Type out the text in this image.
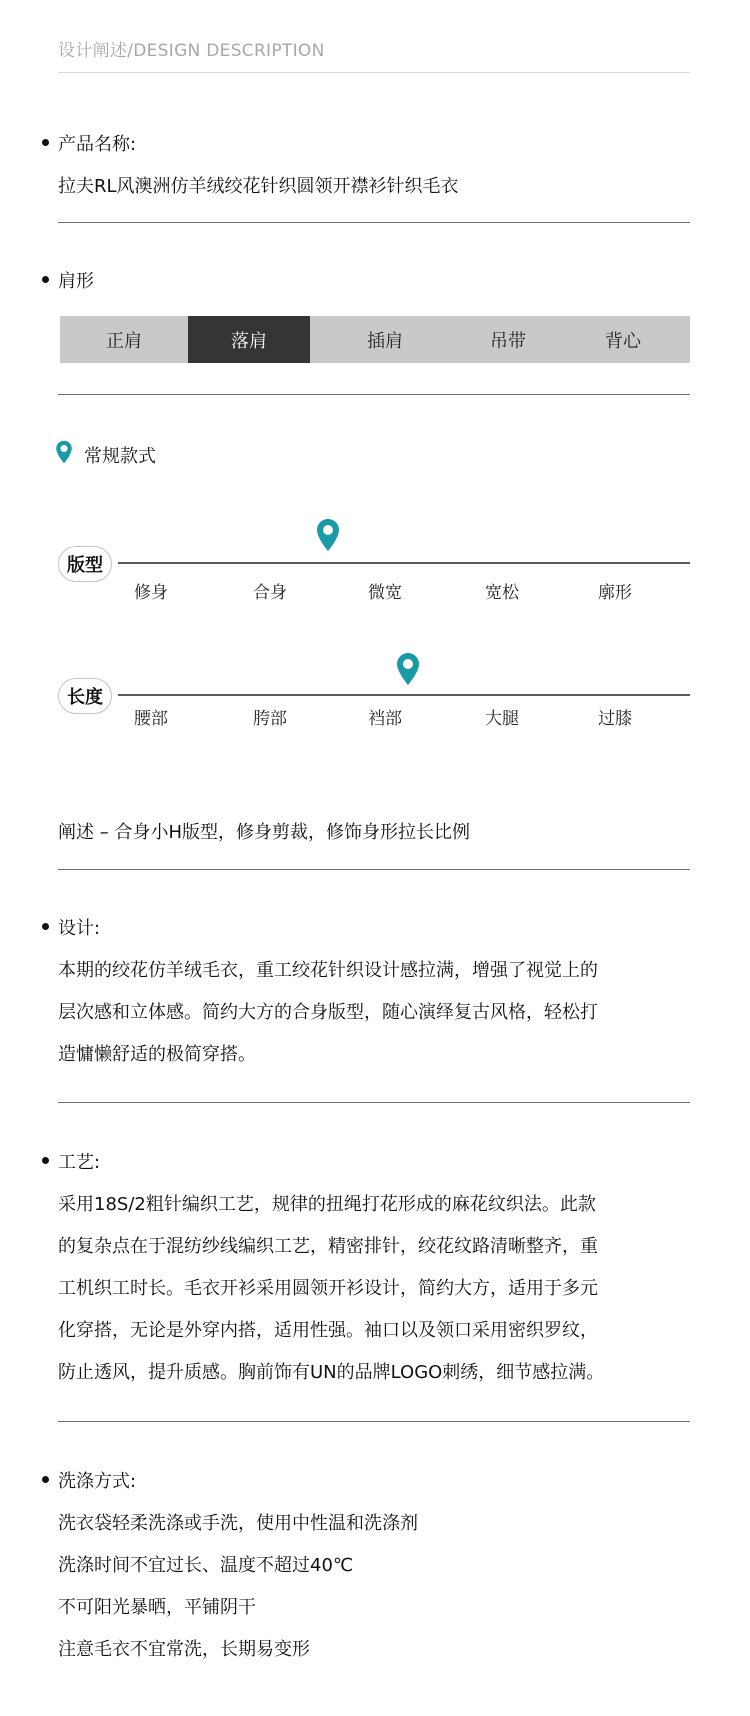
设计阐述/DESIGN DESCRIPTION
产品名称:
拉夫RL风澳洲仿羊绒绞花针织圆领开襟衫针织毛衣
肩形
正肩	落肩	插肩	吊带	背心
常规款式
版型
修身	合身	微宽	宽松	廓形
长度
腰部	胯部	裆部	大腿	过膝
阐述 – 合身小H版型，修身剪裁，修饰身形拉长比例
设计:
本期的绞花仿羊绒毛衣，重工绞花针织设计感拉满，增强了视觉上的
层次感和立体感。简约大方的合身版型，随心演绎复古风格，轻松打
造慵懒舒适的极简穿搭。
工艺:
采用18S/2粗针编织工艺，规律的扭绳打花形成的麻花纹织法。此款
的复杂点在于混纺纱线编织工艺，精密排针，绞花纹路清晰整齐，重
工机织工时长。毛衣开衫采用圆领开衫设计，简约大方，适用于多元
化穿搭，无论是外穿内搭，适用性强。袖口以及领口采用密织罗纹，
防止透风，提升质感。胸前饰有UN的品牌LOGO刺绣，细节感拉满。
洗涤方式:
洗衣袋轻柔洗涤或手洗，使用中性温和洗涤剂
洗涤时间不宜过长、温度不超过40℃
不可阳光暴晒，平铺阴干
注意毛衣不宜常洗，长期易变形
